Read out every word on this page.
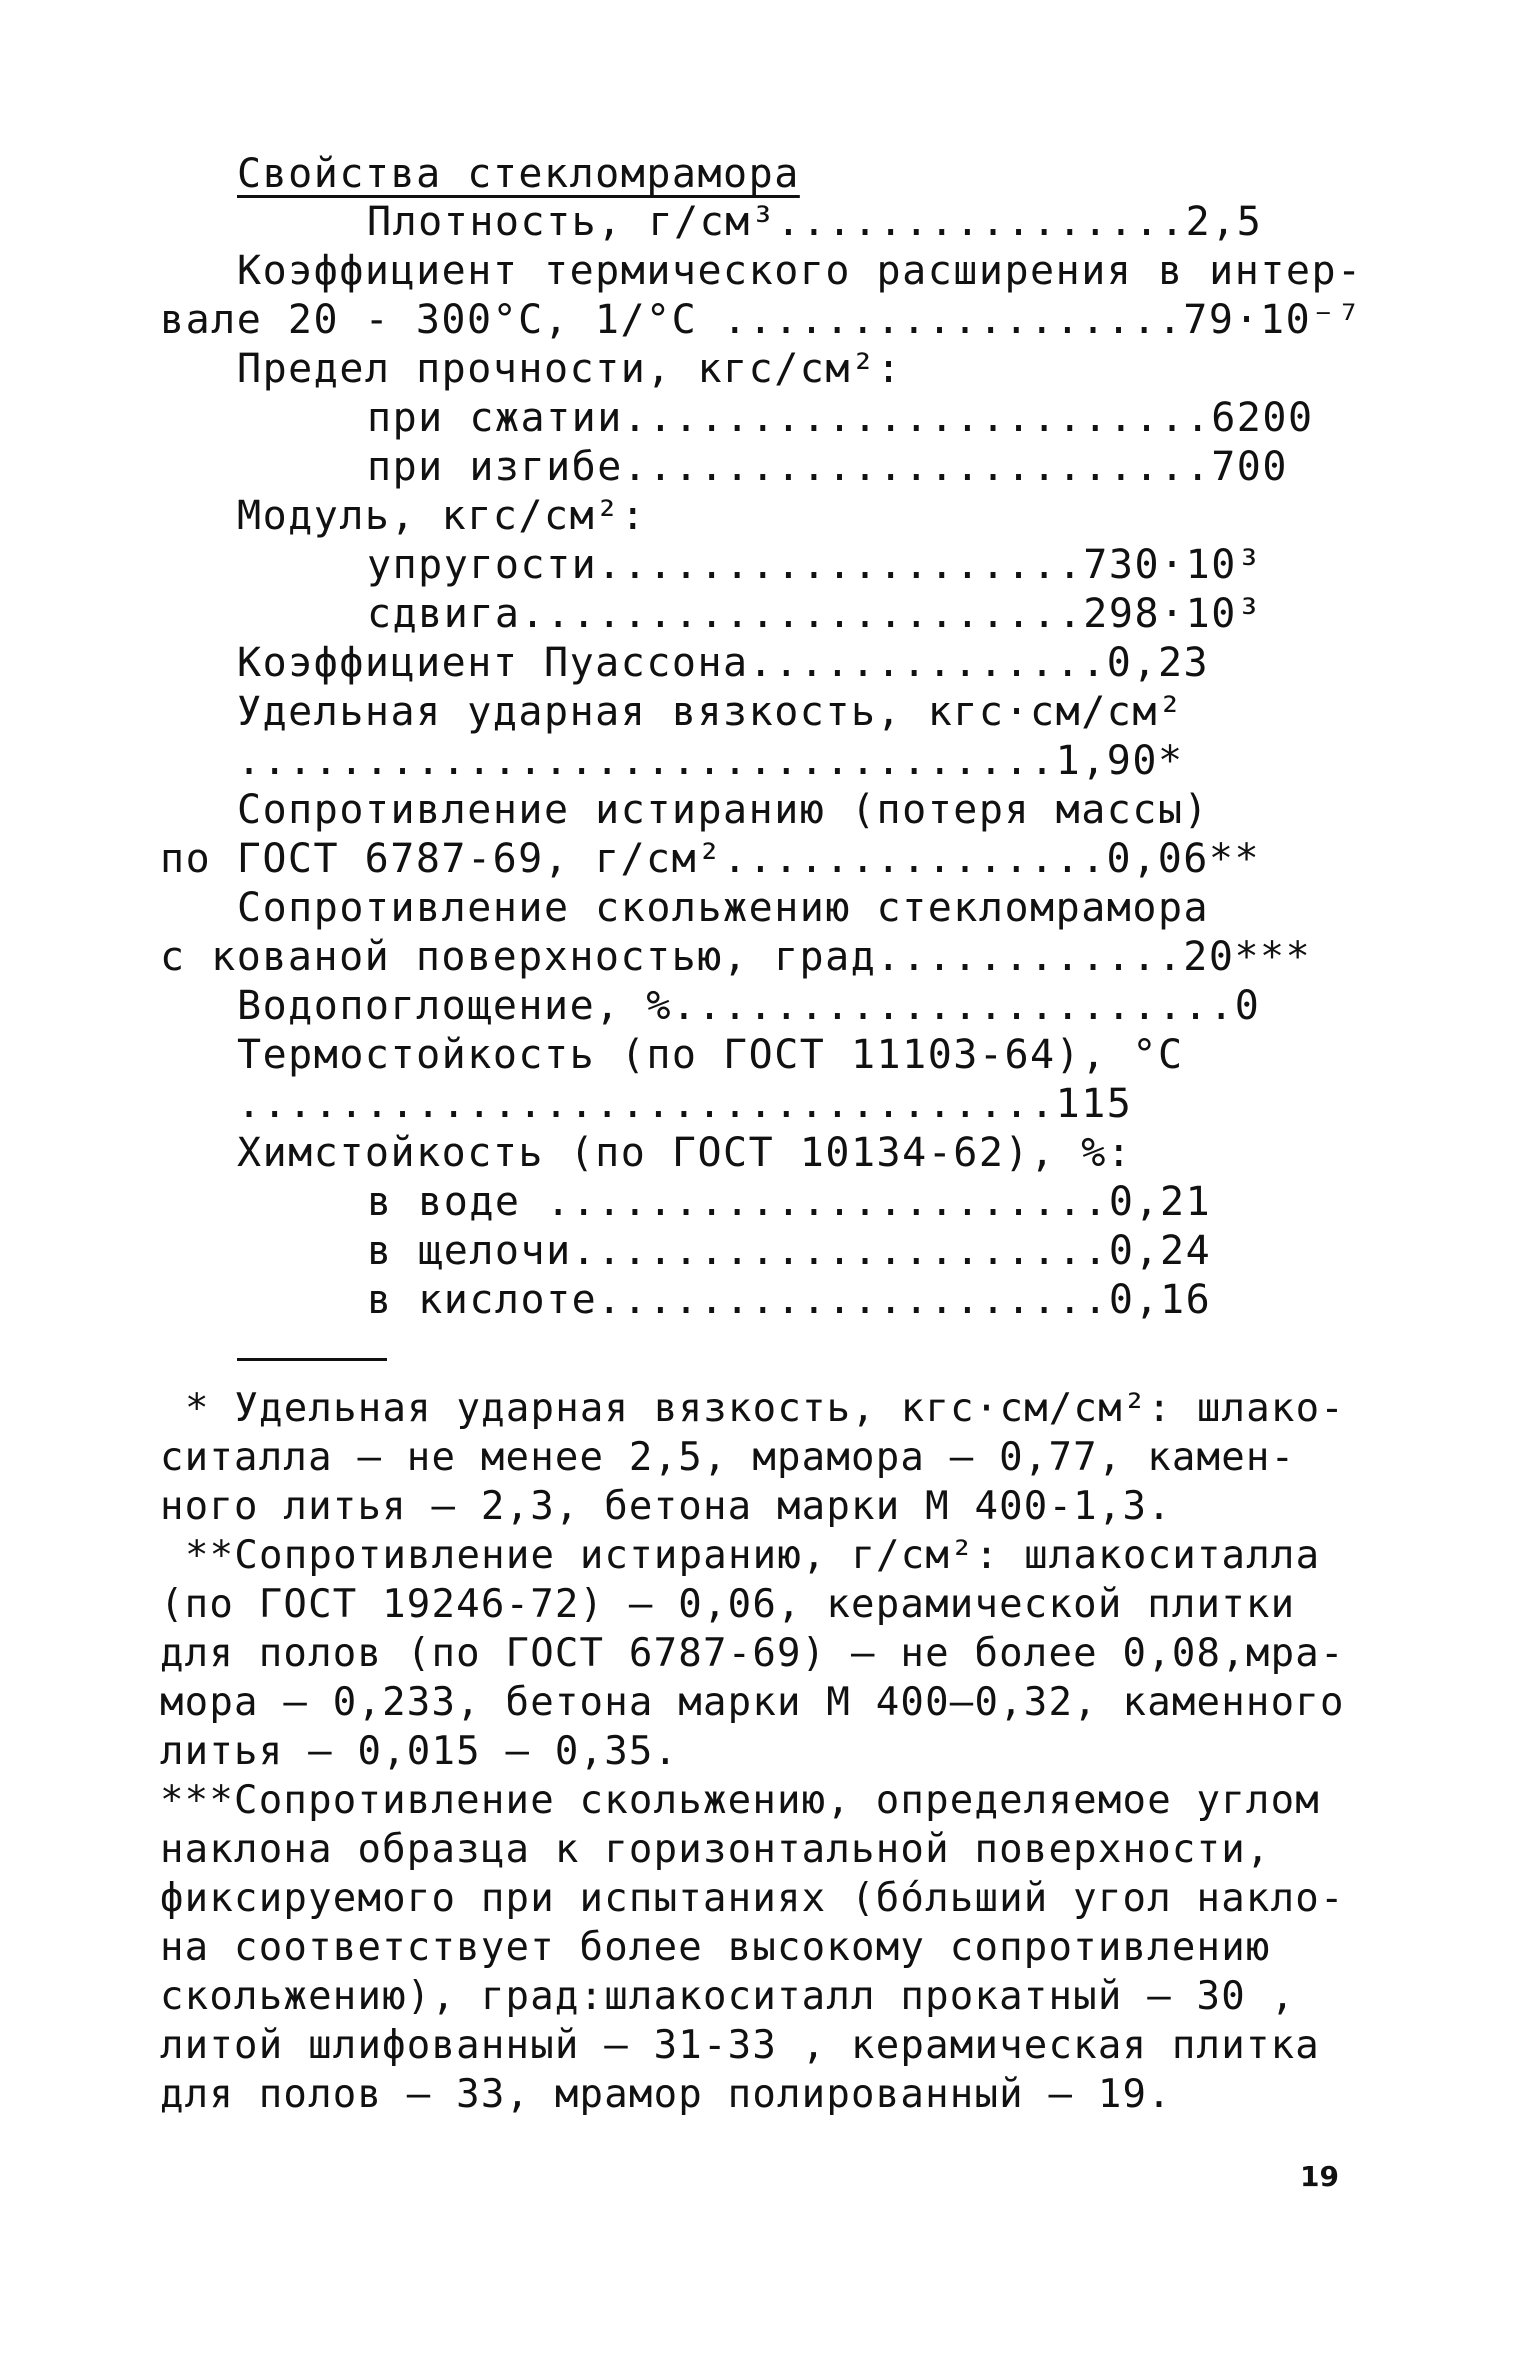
Свойства стекломрамора
Плотность, г/см³................2,5
Коэффициент термического расширения в интер-
вале 20 - 300°С, 1/°С ..................79·10⁻⁷
Предел прочности, кгс/см²:
при сжатии.......................6200
при изгибе.......................700
Модуль, кгс/см²:
упругости...................730·10³
сдвига......................298·10³
Коэффициент Пуассона..............0,23
Удельная ударная вязкость, кгс·см/см²
................................1,90*
Сопротивление истиранию (потеря массы)
по ГОСТ 6787-69, г/см²...............0,06**
Сопротивление скольжению стекломрамора
с кованой поверхностью, град............20***
Водопоглощение, %......................0
Термостойкость (по ГОСТ 11103-64), °С
................................115
Химстойкость (по ГОСТ 10134-62), %:
в воде ......................0,21
в щелочи.....................0,24
в кислоте....................0,16
* Удельная ударная вязкость, кгс·см/см²: шлако-
ситалла — не менее 2,5, мрамора — 0,77, камен-
ного литья — 2,3, бетона марки М 400-1,3.
**Сопротивление истиранию, г/см²: шлакоситалла
(по ГОСТ 19246-72) — 0,06, керамической плитки
для полов (по ГОСТ 6787-69) — не более 0,08,мра-
мора — 0,233, бетона марки М 400—0,32, каменного
литья — 0,015 — 0,35.
***Сопротивление скольжению, определяемое углом
наклона образца к горизонтальной поверхности,
фиксируемого при испытаниях (бо́льший угол накло-
на соответствует более высокому сопротивлению
скольжению), град:шлакоситалл прокатный — 30 ,
литой шлифованный — 31-33 , керамическая плитка
для полов — 33, мрамор полированный — 19.
19
